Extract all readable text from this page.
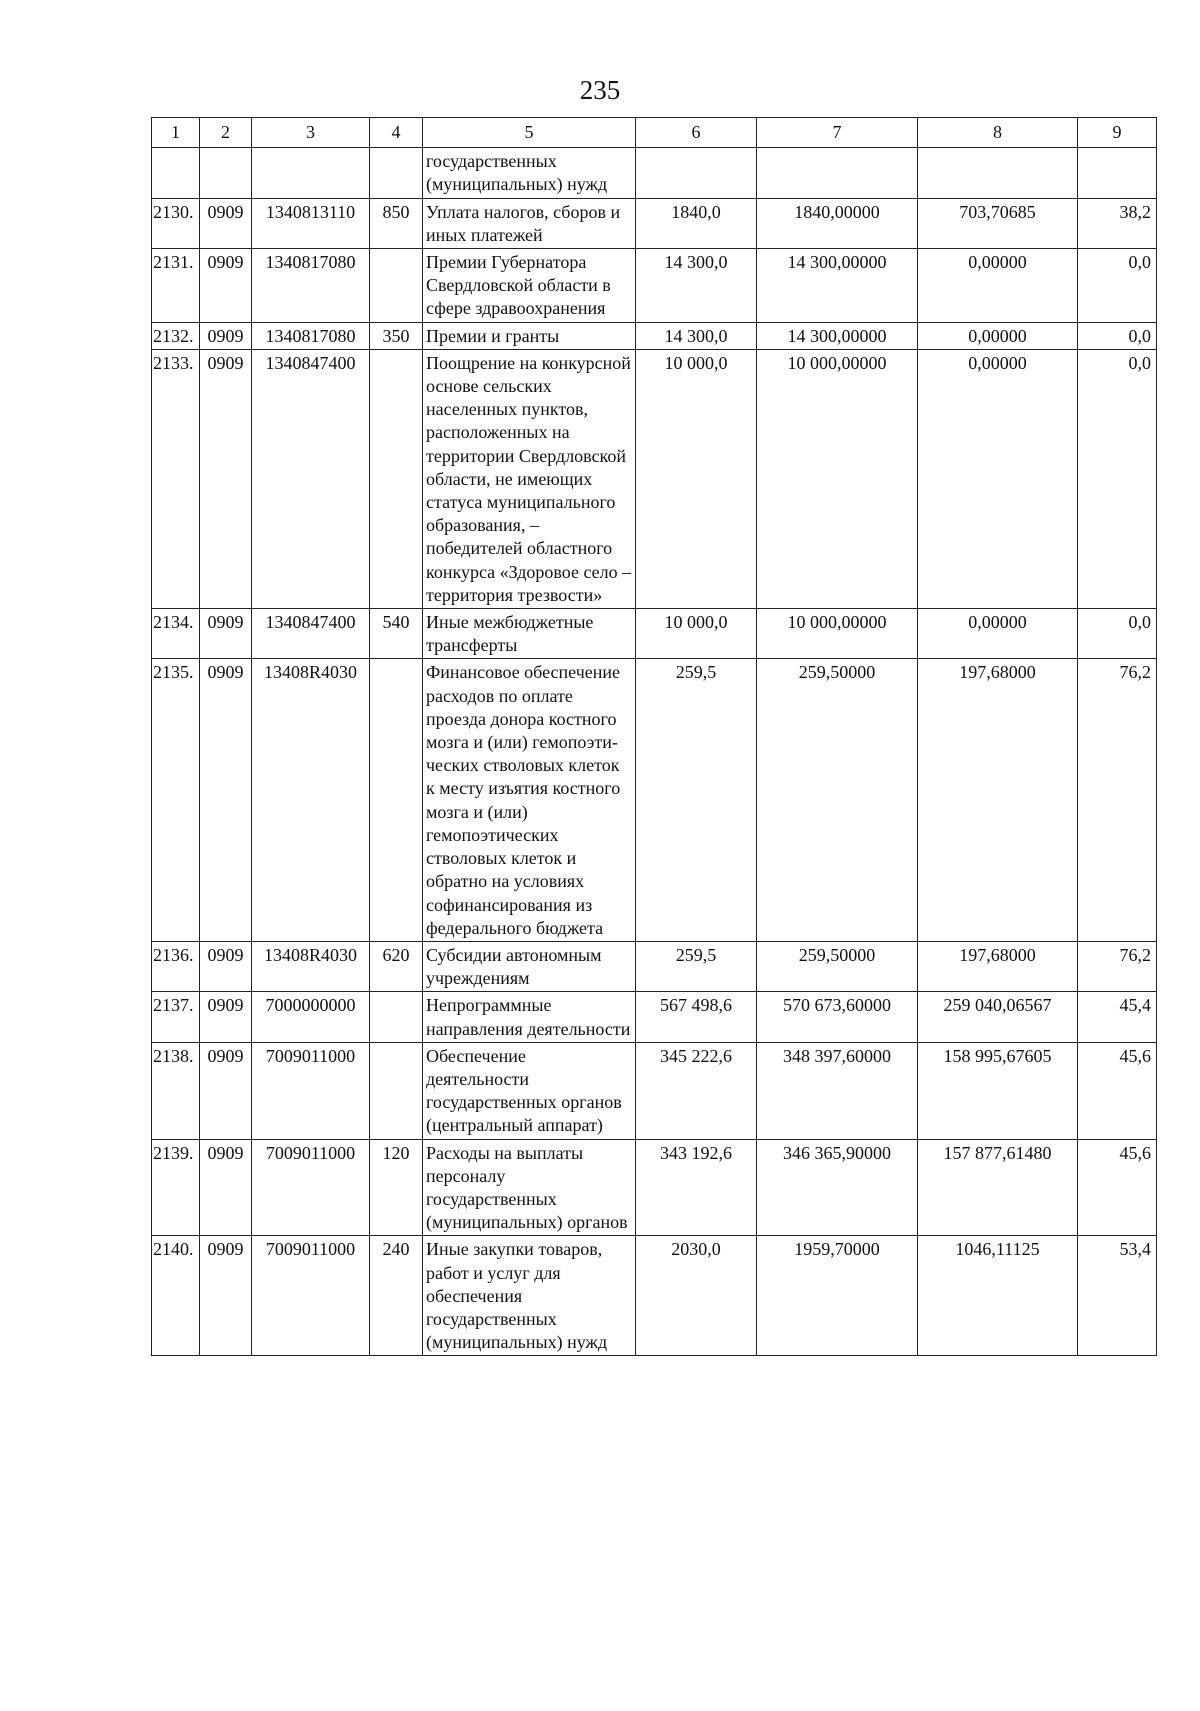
235
1	2	3	4	5	6	7	8	9
				государственных (муниципальных) нужд				
2130.	0909	1340813110	850	Уплата налогов, сборов и иных платежей	1840,0	1840,00000	703,70685	38,2
2131.	0909	1340817080		Премии Губернатора Свердловской области в сфере здравоохранения	14 300,0	14 300,00000	0,00000	0,0
2132.	0909	1340817080	350	Премии и гранты	14 300,0	14 300,00000	0,00000	0,0
2133.	0909	1340847400		Поощрение на конкурсной основе сельских населенных пунктов, расположенных на территории Свердловской области, не имеющих статуса муниципального образования, – победителей областного конкурса «Здоровое село – территория трезвости»	10 000,0	10 000,00000	0,00000	0,0
2134.	0909	1340847400	540	Иные межбюджетные трансферты	10 000,0	10 000,00000	0,00000	0,0
2135.	0909	13408R4030		Финансовое обеспечение расходов по оплате проезда донора костного мозга и (или) гемопоэти-ческих стволовых клеток к месту изъятия костного мозга и (или) гемопоэтических стволовых клеток и обратно на условиях софинансирования из федерального бюджета	259,5	259,50000	197,68000	76,2
2136.	0909	13408R4030	620	Субсидии автономным учреждениям	259,5	259,50000	197,68000	76,2
2137.	0909	7000000000		Непрограммные направления деятельности	567 498,6	570 673,60000	259 040,06567	45,4
2138.	0909	7009011000		Обеспечение деятельности государственных органов (центральный аппарат)	345 222,6	348 397,60000	158 995,67605	45,6
2139.	0909	7009011000	120	Расходы на выплаты персоналу государственных (муниципальных) органов	343 192,6	346 365,90000	157 877,61480	45,6
2140.	0909	7009011000	240	Иные закупки товаров, работ и услуг для обеспечения государственных (муниципальных) нужд	2030,0	1959,70000	1046,11125	53,4
